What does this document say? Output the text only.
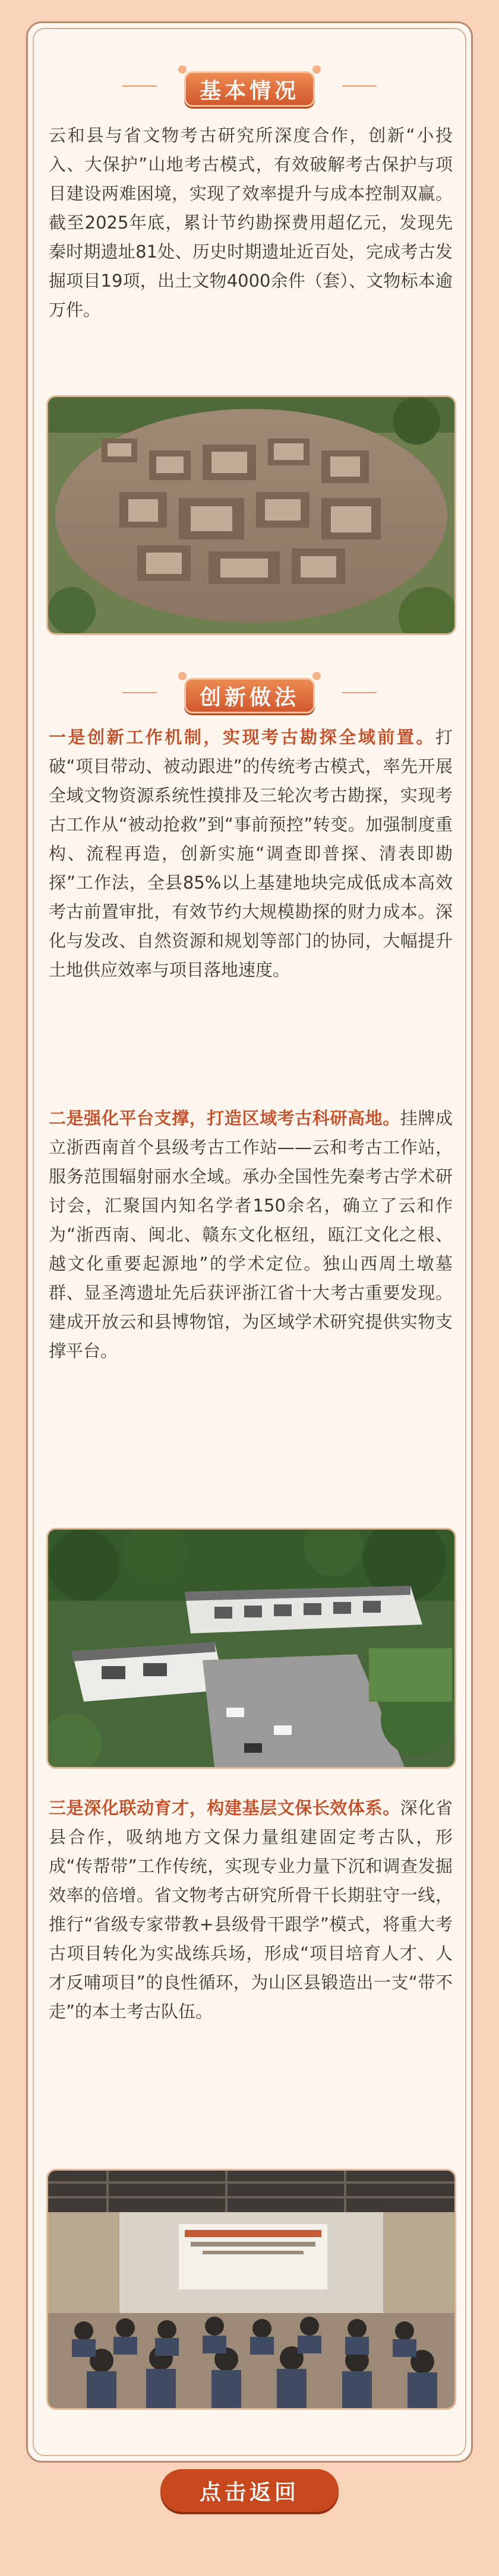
基本情况
云和县与省文物考古研究所深度合作，创新“小投入、大保护”山地考古模式，有效破解考古保护与项目建设两难困境，实现了效率提升与成本控制双赢。截至2025年底，累计节约勘探费用超亿元，发现先秦时期遗址81处、历史时期遗址近百处，完成考古发掘项目19项，出土文物4000余件（套）、文物标本逾万件。
创新做法
一是创新工作机制，实现考古勘探全域前置。打破“项目带动、被动跟进”的传统考古模式，率先开展全域文物资源系统性摸排及三轮次考古勘探，实现考古工作从“被动抢救”到“事前预控”转变。加强制度重构、流程再造，创新实施“调查即普探、清表即勘探”工作法，全县85%以上基建地块完成低成本高效考古前置审批，有效节约大规模勘探的财力成本。深化与发改、自然资源和规划等部门的协同，大幅提升土地供应效率与项目落地速度。
二是强化平台支撑，打造区域考古科研高地。挂牌成立浙西南首个县级考古工作站——云和考古工作站，服务范围辐射丽水全域。承办全国性先秦考古学术研讨会，汇聚国内知名学者150余名，确立了云和作为“浙西南、闽北、赣东文化枢纽，瓯江文化之根、越文化重要起源地”的学术定位。独山西周土墩墓群、显圣湾遗址先后获评浙江省十大考古重要发现。建成开放云和县博物馆，为区域学术研究提供实物支撑平台。
三是深化联动育才，构建基层文保长效体系。深化省县合作，吸纳地方文保力量组建固定考古队，形成“传帮带”工作传统，实现专业力量下沉和调查发掘效率的倍增。省文物考古研究所骨干长期驻守一线，推行“省级专家带教+县级骨干跟学”模式，将重大考古项目转化为实战练兵场，形成“项目培育人才、人才反哺项目”的良性循环，为山区县锻造出一支“带不走”的本土考古队伍。
点击返回
